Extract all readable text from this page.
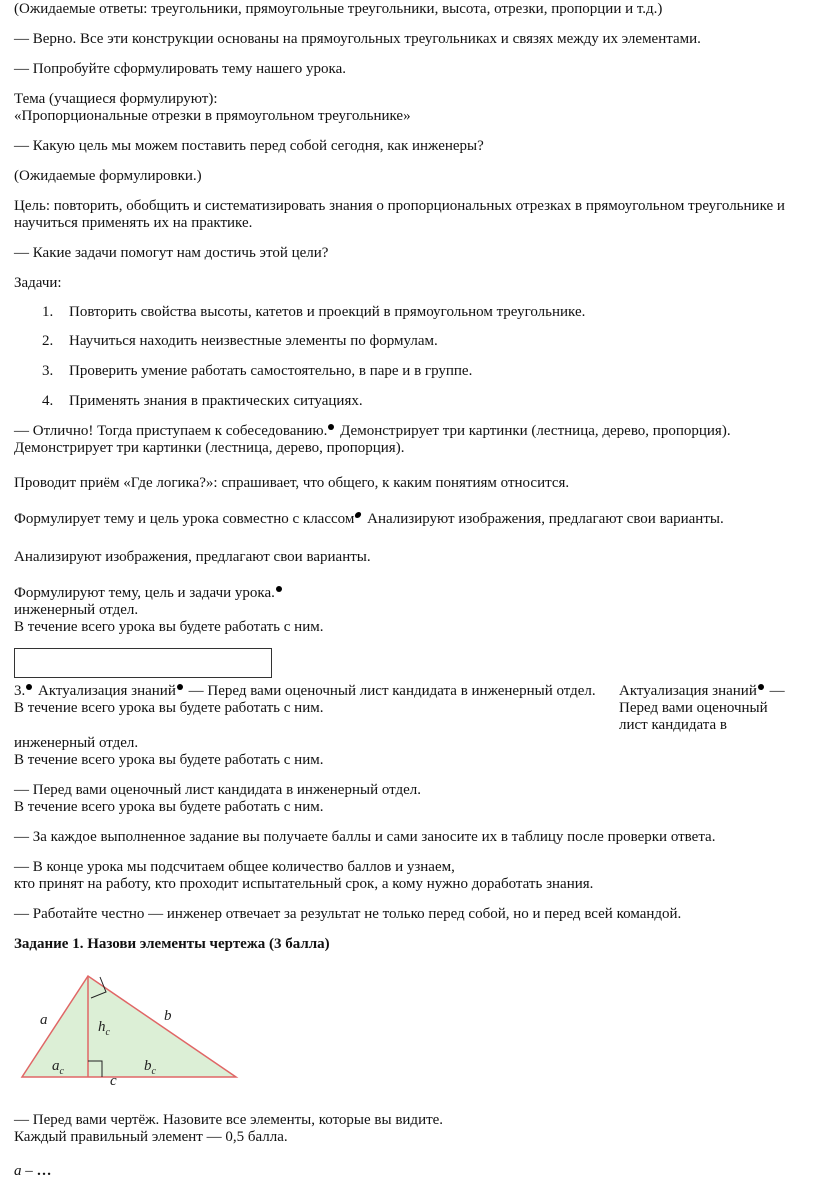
(Ожидаемые ответы: треугольники, прямоугольные треугольники, высота, отрезки, пропорции и т.д.)
— Верно. Все эти конструкции основаны на прямоугольных треугольниках и связях между их элементами.
— Попробуйте сформулировать тему нашего урока.
Тема (учащиеся формулируют):
«Пропорциональные отрезки в прямоугольном треугольнике»
— Какую цель мы можем поставить перед собой сегодня, как инженеры?
(Ожидаемые формулировки.)
Цель: повторить, обобщить и систематизировать знания о пропорциональных отрезках в прямоугольном треугольнике и
научиться применять их на практике.
— Какие задачи помогут нам достичь этой цели?
Задачи:
1. Повторить свойства высоты, катетов и проекций в прямоугольном треугольнике.
2. Научиться находить неизвестные элементы по формулам.
3. Проверить умение работать самостоятельно, в паре и в группе.
4. Применять знания в практических ситуациях.
— Отлично! Тогда приступаем к собеседованию. Демонстрирует три картинки (лестница, дерево, пропорция).
Демонстрирует три картинки (лестница, дерево, пропорция).
Проводит приём «Где логика?»: спрашивает, что общего, к каким понятиям относится.
Формулирует тему и цель урока совместно с классом Анализируют изображения, предлагают свои варианты.
Анализируют изображения, предлагают свои варианты.
Формулируют тему, цель и задачи урока.
инженерный отдел.
В течение всего урока вы будете работать с ним.
3. Актуализация знаний — Перед вами оценочный лист кандидата в инженерный отдел.
В течение всего урока вы будете работать с ним.
Актуализация знаний —
Перед вами оценочный
лист кандидата в
инженерный отдел.
В течение всего урока вы будете работать с ним.
— Перед вами оценочный лист кандидата в инженерный отдел.
В течение всего урока вы будете работать с ним.
— За каждое выполненное задание вы получаете баллы и сами заносите их в таблицу после проверки ответа.
— В конце урока мы подсчитаем общее количество баллов и узнаем,
кто принят на работу, кто проходит испытательный срок, а кому нужно доработать знания.
— Работайте честно — инженер отвечает за результат не только перед собой, но и перед всей командой.
Задание 1. Назови элементы чертежа (3 балла)
a	b
$h_c$
$a_c$	$b_c$
c
— Перед вами чертёж. Назовите все элементы, которые вы видите.
Каждый правильный элемент — 0,5 балла.
a – …
